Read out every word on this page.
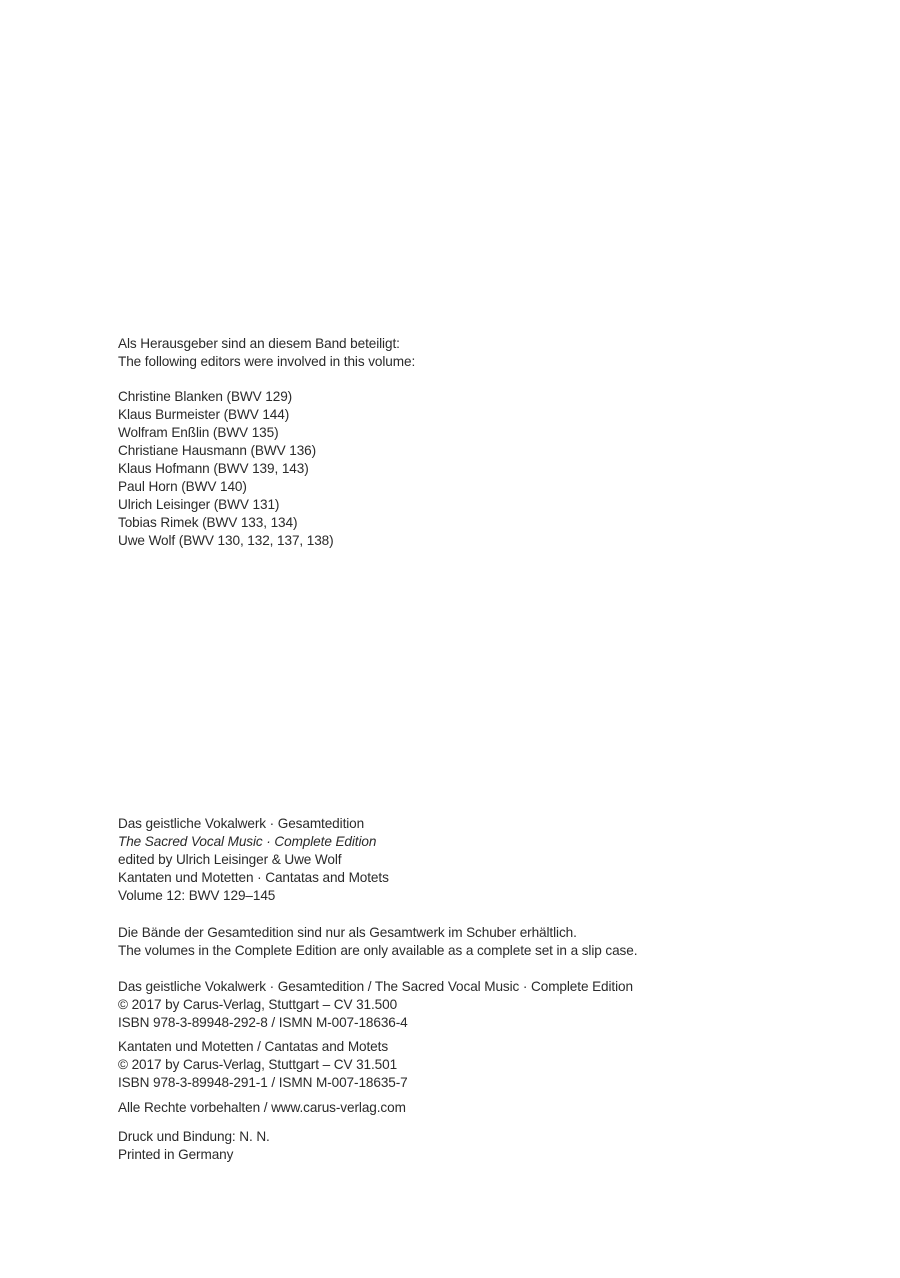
Als Herausgeber sind an diesem Band beteiligt:
The following editors were involved in this volume:
Christine Blanken (BWV 129)
Klaus Burmeister (BWV 144)
Wolfram Enßlin (BWV 135)
Christiane Hausmann (BWV 136)
Klaus Hofmann (BWV 139, 143)
Paul Horn (BWV 140)
Ulrich Leisinger (BWV 131)
Tobias Rimek (BWV 133, 134)
Uwe Wolf (BWV 130, 132, 137, 138)
Das geistliche Vokalwerk · Gesamtedition
The Sacred Vocal Music · Complete Edition
edited by Ulrich Leisinger & Uwe Wolf
Kantaten und Motetten · Cantatas and Motets
Volume 12: BWV 129–145
Die Bände der Gesamtedition sind nur als Gesamtwerk im Schuber erhältlich.
The volumes in the Complete Edition are only available as a complete set in a slip case.
Das geistliche Vokalwerk · Gesamtedition / The Sacred Vocal Music · Complete Edition
© 2017 by Carus-Verlag, Stuttgart – CV 31.500
ISBN 978-3-89948-292-8 / ISMN M-007-18636-4
Kantaten und Motetten / Cantatas and Motets
© 2017 by Carus-Verlag, Stuttgart – CV 31.501
ISBN 978-3-89948-291-1 / ISMN M-007-18635-7
Alle Rechte vorbehalten / www.carus-verlag.com
Druck und Bindung: N. N.
Printed in Germany
